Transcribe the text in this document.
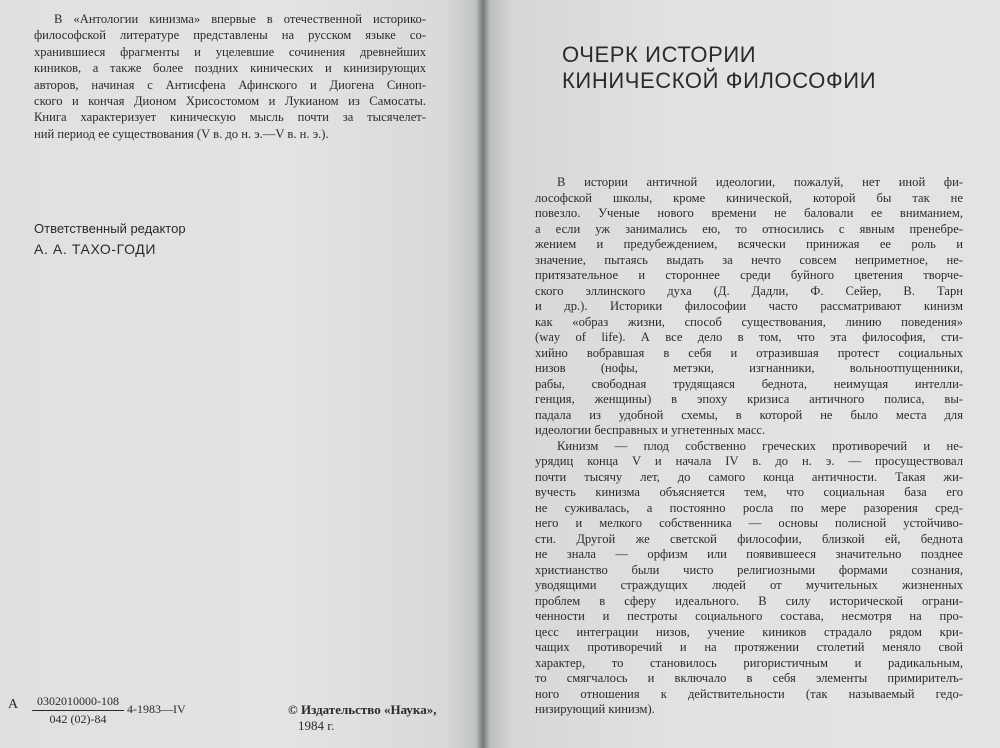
В «Антологии кинизма» впервые в отечественной историко-
философской литературе представлены на русском языке со-
хранившиеся фрагменты и уцелевшие сочинения древнейших
киников, а также более поздних кинических и кинизирующих
авторов, начиная с Антисфена Афинского и Диогена Синоп-
ского и кончая Дионом Хрисостомом и Лукианом из Самосаты.
Книга характеризует киническую мысль почти за тысячелет-
ний период ее существования (V в. до н. э.—V в. н. э.).
Ответственный редактор
А. А. ТАХО-ГОДИ
А $\frac{0302010000-108}{042 (02)-84}$ 4-1983—IV	© Издательство «Наука»,
1984 г.
ОЧЕРК ИСТОРИИ
КИНИЧЕСКОЙ ФИЛОСОФИИ
В истории античной идеологии, пожалуй, нет иной фи-
лософской школы, кроме кинической, которой бы так не
повезло. Ученые нового времени не баловали ее вниманием,
а если уж занимались ею, то относились с явным пренебре-
жением и предубеждением, всячески принижая ее роль и
значение, пытаясь выдать за нечто совсем неприметное, не-
притязательное и стороннее среди буйного цветения творче-
ского эллинского духа (Д. Дадли, Ф. Сейер, В. Тарн
и др.). Историки философии часто рассматривают кинизм
как «образ жизни, способ существования, линию поведения»
(way of life). А все дело в том, что эта философия, сти-
хийно вобравшая в себя и отразившая протест социальных
низов (нофы, метэки, изгнанники, вольноотпущенники,
рабы, свободная трудящаяся беднота, неимущая интелли-
генция, женщины) в эпоху кризиса античного полиса, вы-
падала из удобной схемы, в которой не было места для
идеологии бесправных и угнетенных масс.
Кинизм — плод собственно греческих противоречий и не-
урядиц конца V и начала IV в. до н. э. — просуществовал
почти тысячу лет, до самого конца античности. Такая жи-
вучесть кинизма объясняется тем, что социальная база его
не суживалась, а постоянно росла по мере разорения сред-
него и мелкого собственника — основы полисной устойчиво-
сти. Другой же светской философии, близкой ей, беднота
не знала — орфизм или появившееся значительно позднее
христианство были чисто религиозными формами сознания,
уводящими страждущих людей от мучительных жизненных
проблем в сферу идеального. В силу исторической ограни-
ченности и пестроты социального состава, несмотря на про-
цесс интеграции низов, учение киников страдало рядом кри-
чащих противоречий и на протяжении столетий меняло свой
характер, то становилось ригористичным и радикальным,
то смягчалось и включало в себя элементы примирителъ-
ного отношения к действительности (так называемый гедо-
низирующий кинизм).
